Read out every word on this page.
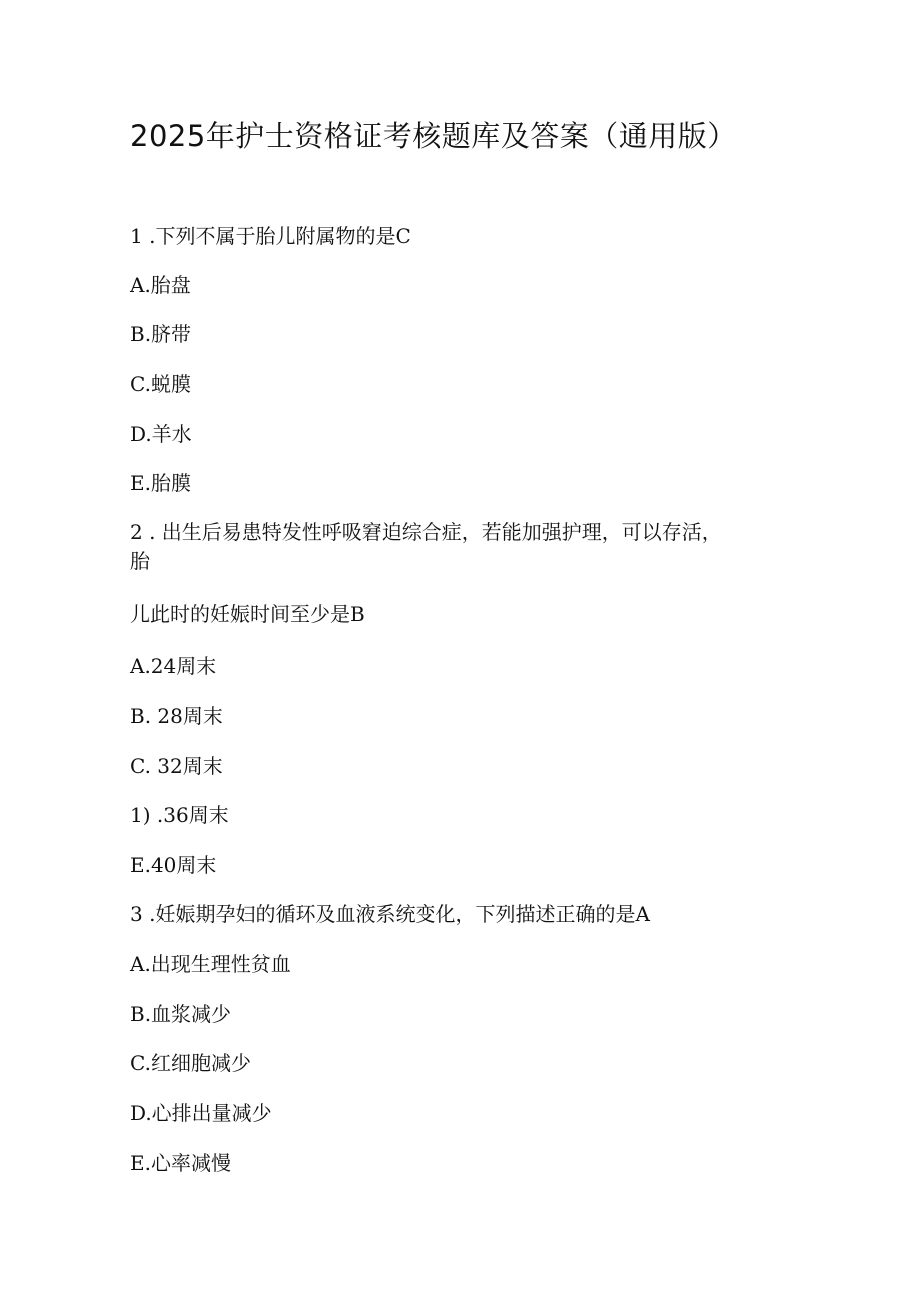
2025年护士资格证考核题库及答案（通用版）

1 .下列不属于胎儿附属物的是C

A.胎盘

B.脐带

C.蜕膜

D.羊水

E.胎膜

2 . 出生后易患特发性呼吸窘迫综合症，若能加强护理，可以存活，

胎

儿此时的妊娠时间至少是B

A.24周末

B. 28周末

C. 32周末

1) .36周末

E.40周末

3 .妊娠期孕妇的循环及血液系统变化，下列描述正确的是A

A.出现生理性贫血

B.血浆减少

C.红细胞减少

D.心排出量减少

E.心率减慢
